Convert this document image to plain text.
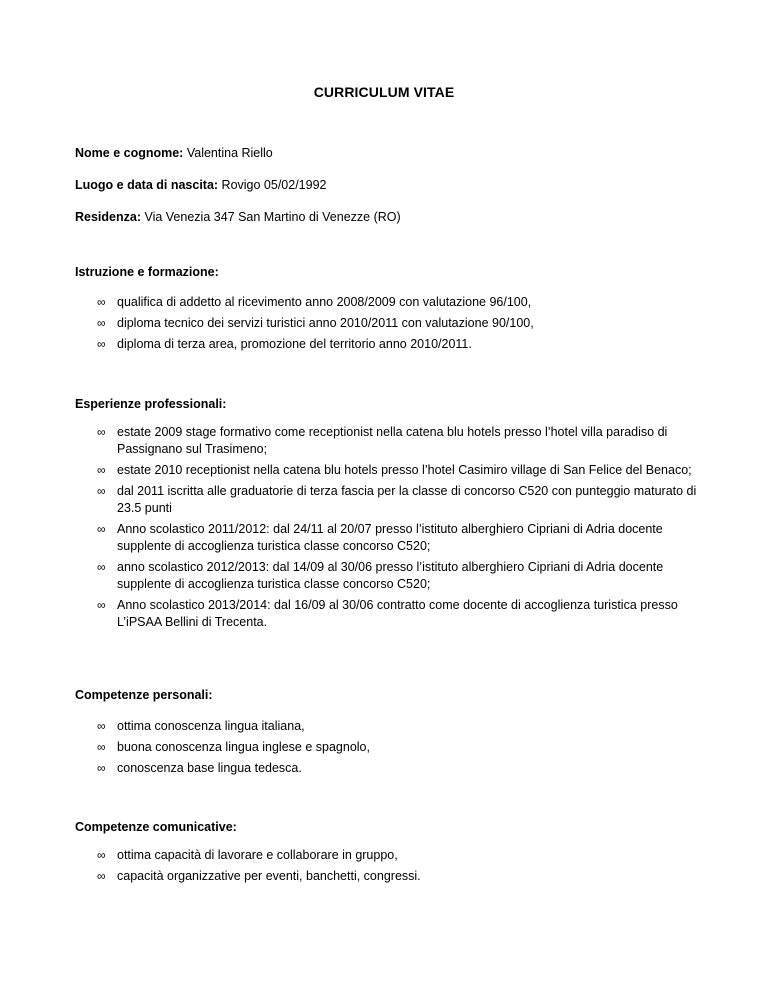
CURRICULUM VITAE
Nome e cognome: Valentina Riello
Luogo e data di nascita: Rovigo 05/02/1992
Residenza: Via Venezia 347 San Martino di Venezze (RO)
Istruzione e formazione:
∞ qualifica di addetto al ricevimento anno 2008/2009 con valutazione 96/100,
∞ diploma tecnico dei servizi turistici anno 2010/2011 con valutazione 90/100,
∞ diploma di terza area, promozione del territorio anno 2010/2011.
Esperienze professionali:
∞ estate 2009 stage formativo come receptionist nella catena blu hotels presso l’hotel villa paradiso di Passignano sul Trasimeno;
∞ estate 2010 receptionist nella catena blu hotels presso l’hotel Casimiro village di San Felice del Benaco;
∞ dal 2011 iscritta alle graduatorie di terza fascia per la classe di concorso C520 con punteggio maturato di 23.5 punti
∞ Anno scolastico 2011/2012: dal 24/11 al 20/07 presso l’istituto alberghiero Cipriani di Adria docente supplente di accoglienza turistica classe concorso C520;
∞ anno scolastico 2012/2013: dal 14/09 al 30/06 presso l’istituto alberghiero Cipriani di Adria docente supplente di accoglienza turistica classe concorso C520;
∞ Anno scolastico 2013/2014: dal 16/09 al 30/06 contratto come docente di accoglienza turistica presso L’iPSAA Bellini di Trecenta.
Competenze personali:
∞ ottima conoscenza lingua italiana,
∞ buona conoscenza lingua inglese e spagnolo,
∞ conoscenza base lingua tedesca.
Competenze comunicative:
∞ ottima capacità di lavorare e collaborare in gruppo,
∞ capacità organizzative per eventi, banchetti, congressi.
